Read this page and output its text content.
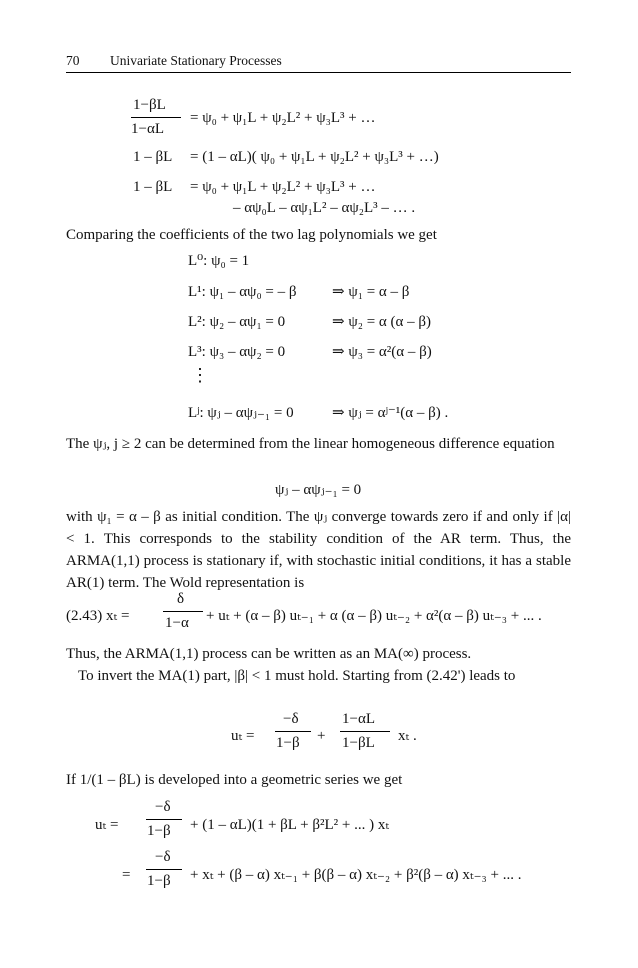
70 Univariate Stationary Processes
1−βL
1−αL
= ψ₀ + ψ₁L + ψ₂L² + ψ₃L³ + …
1 – βL = (1 – αL)( ψ₀ + ψ₁L + ψ₂L² + ψ₃L³ + …)
1 – βL = ψ₀ + ψ₁L + ψ₂L² + ψ₃L³ + …
– αψ₀L – αψ₁L² – αψ₂L³ – … .
Comparing the coefficients of the two lag polynomials we get
L⁰: ψ₀ = 1
L¹: ψ₁ – αψ₀ = – β ⇒ ψ₁ = α – β
L²: ψ₂ – αψ₁ = 0	⇒ ψ₂ = α (α – β)
L³: ψ₃ – αψ₂ = 0	⇒ ψ₃ = α²(α – β)
⋮
Lʲ: ψⱼ – αψⱼ₋₁ = 0	⇒ ψⱼ = αʲ⁻¹(α – β) .
The ψⱼ, j ≥ 2 can be determined from the linear homogeneous difference equation
ψⱼ – αψⱼ₋₁ = 0
with ψ₁ = α – β as initial condition. The ψⱼ converge towards zero if and only if |α| < 1. This corresponds to the stability condition of the AR term. Thus, the ARMA(1,1) process is stationary if, with stochastic initial conditions, it has a stable AR(1) term. The Wold representation is
(2.43) xₜ =
δ
1−α + uₜ + (α – β) uₜ₋₁ + α (α – β) uₜ₋₂ + α²(α – β) uₜ₋₃ + ... .

Thus, the ARMA(1,1) process can be written as an MA(∞) process.

To invert the MA(1) part, |β| < 1 must hold. Starting from (2.42') leads to

uₜ =
−δ
1−β +
1−αL
1−βL xₜ .
If 1/(1 – βL) is developed into a geometric series we get
uₜ =
−δ
1−β + (1 – αL)(1 + βL + β²L² + ... ) xₜ
=
−δ
1−β + xₜ + (β – α) xₜ₋₁ + β(β – α) xₜ₋₂ + β²(β – α) xₜ₋₃ + ... .
